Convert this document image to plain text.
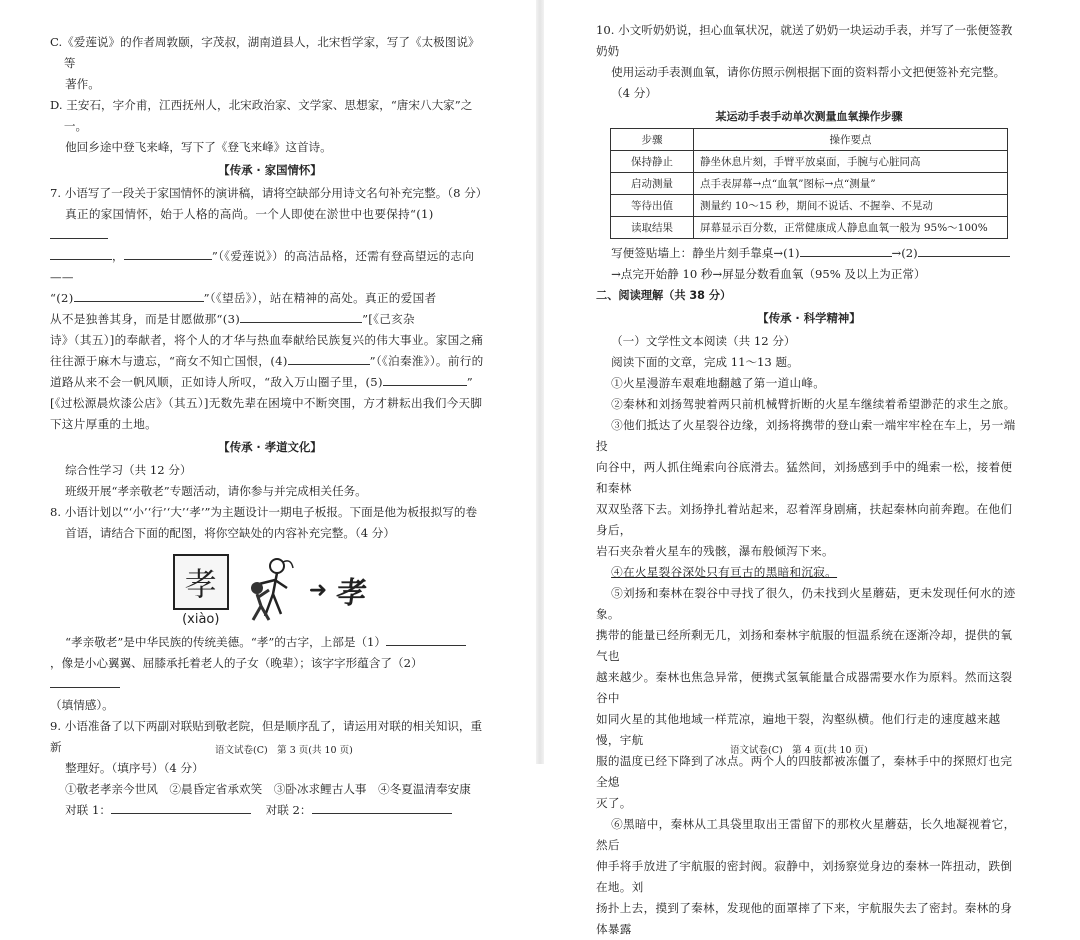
C.《爱莲说》的作者周敦颐，字茂叔，湖南道县人，北宋哲学家，写了《太极图说》等

著作。

D. 王安石，字介甫，江西抚州人，北宋政治家、文学家、思想家，“唐宋八大家”之一。

他回乡途中登飞来峰，写下了《登飞来峰》这首诗。

【传承 · 家国情怀】

7. 小语写了一段关于家国情怀的演讲稿，请将空缺部分用诗文名句补充完整。（8 分）

真正的家国情怀，始于人格的高尚。一个人即使在淤世中也要保持“(1)

，	”（《爱莲说》）的高洁品格，还需有登高望远的志向——

“(2)	”（《望岳》），站在精神的高处。真正的爱国者

从不是独善其身，而是甘愿做那“(3)	”[《己亥杂

诗》（其五）]的奉献者，将个人的才华与热血奉献给民族复兴的伟大事业。家国之痛

往往源于麻木与遗忘，“商女不知亡国恨，(4)	”（《泊秦淮》）。前行的

道路从来不会一帆风顺，正如诗人所叹，“敌入万山圈子里，(5)	”

[《过松源晨炊漆公店》（其五）]无数先辈在困境中不断突围，方才耕耘出我们今天脚

下这片厚重的土地。

【传承 · 孝道文化】

综合性学习（共 12 分）

班级开展“孝亲敬老”专题活动，请你参与并完成相关任务。

8. 小语计划以“‘小’‘行’‘大’‘孝’”为主题设计一期电子板报。下面是他为板报拟写的卷

首语，请结合下面的配图，将你空缺处的内容补充完整。（4 分）

孝
(xiào)
➜ 孝

“孝亲敬老”是中华民族的传统美德。“孝”的古字，上部是（1）

，像是小心翼翼、屈膝承托着老人的子女（晚辈）；该字字形蕴含了（2）

（填情感）。

9. 小语准备了以下两副对联贴到敬老院，但是顺序乱了，请运用对联的相关知识，重新

整理好。（填序号）（4 分）

①敬老孝亲今世风　②晨昏定省承欢笑　③卧冰求鲤古人事　④冬夏温清奉安康

对联 1：	对联 2：

语文试卷(C)　第 3 页(共 10 页)

10. 小文听奶奶说，担心血氧状况，就送了奶奶一块运动手表，并写了一张便签教奶奶

使用运动手表测血氧，请你仿照示例根据下面的资料帮小文把便签补充完整。

（4 分）

某运动手表手动单次测量血氧操作步骤
步骤	操作要点
保持静止	静坐休息片刻，手臂平放桌面，手腕与心脏同高
启动测量	点手表屏幕→点“血氧”图标→点“测量”
等待出值	测量约 10～15 秒，期间不说话、不握拳、不晃动
读取结果	屏幕显示百分数，正常健康成人静息血氧一般为 95%～100%

写便签贴墙上：静坐片刻手靠桌→(1)	→(2)

→点完开始静 10 秒→屏显分数看血氧（95% 及以上为正常）

二、阅读理解（共 38 分）

【传承 · 科学精神】

（一）文学性文本阅读（共 12 分）

阅读下面的文章，完成 11～13 题。

①火星漫游车艰难地翻越了第一道山峰。

②秦林和刘扬驾驶着两只前机械臂折断的火星车继续着希望渺茫的求生之旅。

③他们抵达了火星裂谷边缘，刘扬将携带的登山索一端牢牢栓在车上，另一端投

向谷中，两人抓住绳索向谷底滑去。猛然间，刘扬感到手中的绳索一松，接着便和秦林

双双坠落下去。刘扬挣扎着站起来，忍着浑身剧痛，扶起秦林向前奔跑。在他们身后，

岩石夹杂着火星车的残骸，瀑布般倾泻下来。

④在火星裂谷深处只有亘古的黑暗和沉寂。

⑤刘扬和秦林在裂谷中寻找了很久，仍未找到火星蘑菇，更未发现任何水的迹象。

携带的能量已经所剩无几，刘扬和秦林宇航服的恒温系统在逐渐冷却，提供的氧气也

越来越少。秦林也焦急异常，便携式氢氧能量合成器需要水作为原料。然而这裂谷中

如同火星的其他地域一样荒凉，遍地干裂，沟壑纵横。他们行走的速度越来越慢，宇航

服的温度已经下降到了冰点。两个人的四肢都被冻僵了，秦林手中的探照灯也完全熄

灭了。

⑥黑暗中，秦林从工具袋里取出王雷留下的那枚火星蘑菇，长久地凝视着它，然后

伸手将手放进了宇航服的密封阀。寂静中，刘扬察觉身边的秦林一阵扭动，跌倒在地。刘

扬扑上去，摸到了秦林，发现他的面罩摔了下来，宇航服失去了密封。秦林的身体暴露

语文试卷(C)　第 4 页(共 10 页)
